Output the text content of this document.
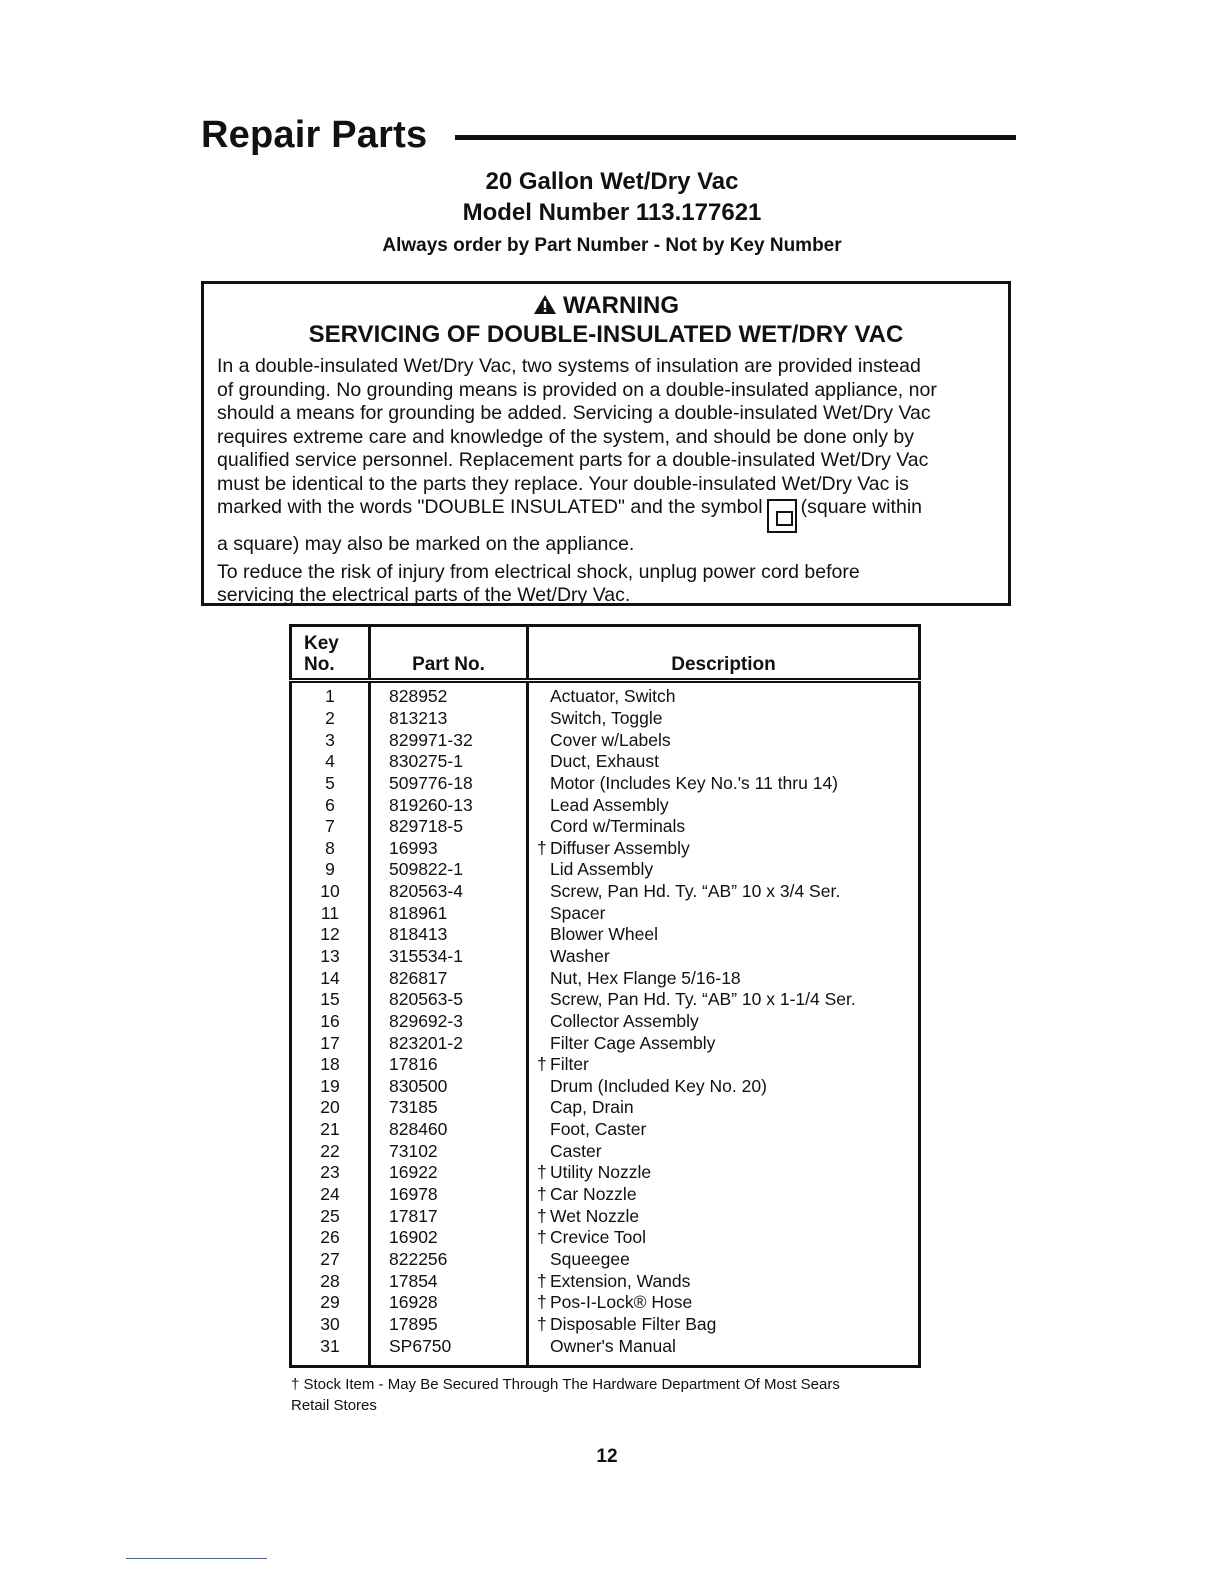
Repair Parts
20 Gallon Wet/Dry Vac
Model Number 113.177621
Always order by Part Number - Not by Key Number
WARNING
SERVICING OF DOUBLE-INSULATED WET/DRY VAC

In a double-insulated Wet/Dry Vac, two systems of insulation are provided instead
of grounding. No grounding means is provided on a double-insulated appliance, nor
should a means for grounding be added. Servicing a double-insulated Wet/Dry Vac
requires extreme care and knowledge of the system, and should be done only by
qualified service personnel. Replacement parts for a double-insulated Wet/Dry Vac
must be identical to the parts they replace. Your double-insulated Wet/Dry Vac is
marked with the words "DOUBLE INSULATED" and the symbol (square within
a square) may also be marked on the appliance.

To reduce the risk of injury from electrical shock, unplug power cord before
servicing the electrical parts of the Wet/Dry Vac.

Key
No.	Part No.	Description
1	828952	Actuator, Switch
2	813213	Switch, Toggle
3	829971-32	Cover w/Labels
4	830275-1	Duct, Exhaust
5	509776-18	Motor (Includes Key No.'s 11 thru 14)
6	819260-13	Lead Assembly
7	829718-5	Cord w/Terminals
8	16993	† Diffuser Assembly
9	509822-1	Lid Assembly
10	820563-4	Screw, Pan Hd. Ty. “AB” 10 x 3/4 Ser.
11	818961	Spacer
12	818413	Blower Wheel
13	315534-1	Washer
14	826817	Nut, Hex Flange 5/16-18
15	820563-5	Screw, Pan Hd. Ty. “AB” 10 x 1-1/4 Ser.
16	829692-3	Collector Assembly
17	823201-2	Filter Cage Assembly
18	17816	† Filter
19	830500	Drum (Included Key No. 20)
20	73185	Cap, Drain
21	828460	Foot, Caster
22	73102	Caster
23	16922	† Utility Nozzle
24	16978	† Car Nozzle
25	17817	† Wet Nozzle
26	16902	† Crevice Tool
27	822256	Squeegee
28	17854	† Extension, Wands
29	16928	† Pos-I-Lock® Hose
30	17895	† Disposable Filter Bag
31	SP6750	Owner's Manual
† Stock Item - May Be Secured Through The Hardware Department Of Most Sears
Retail Stores
12
